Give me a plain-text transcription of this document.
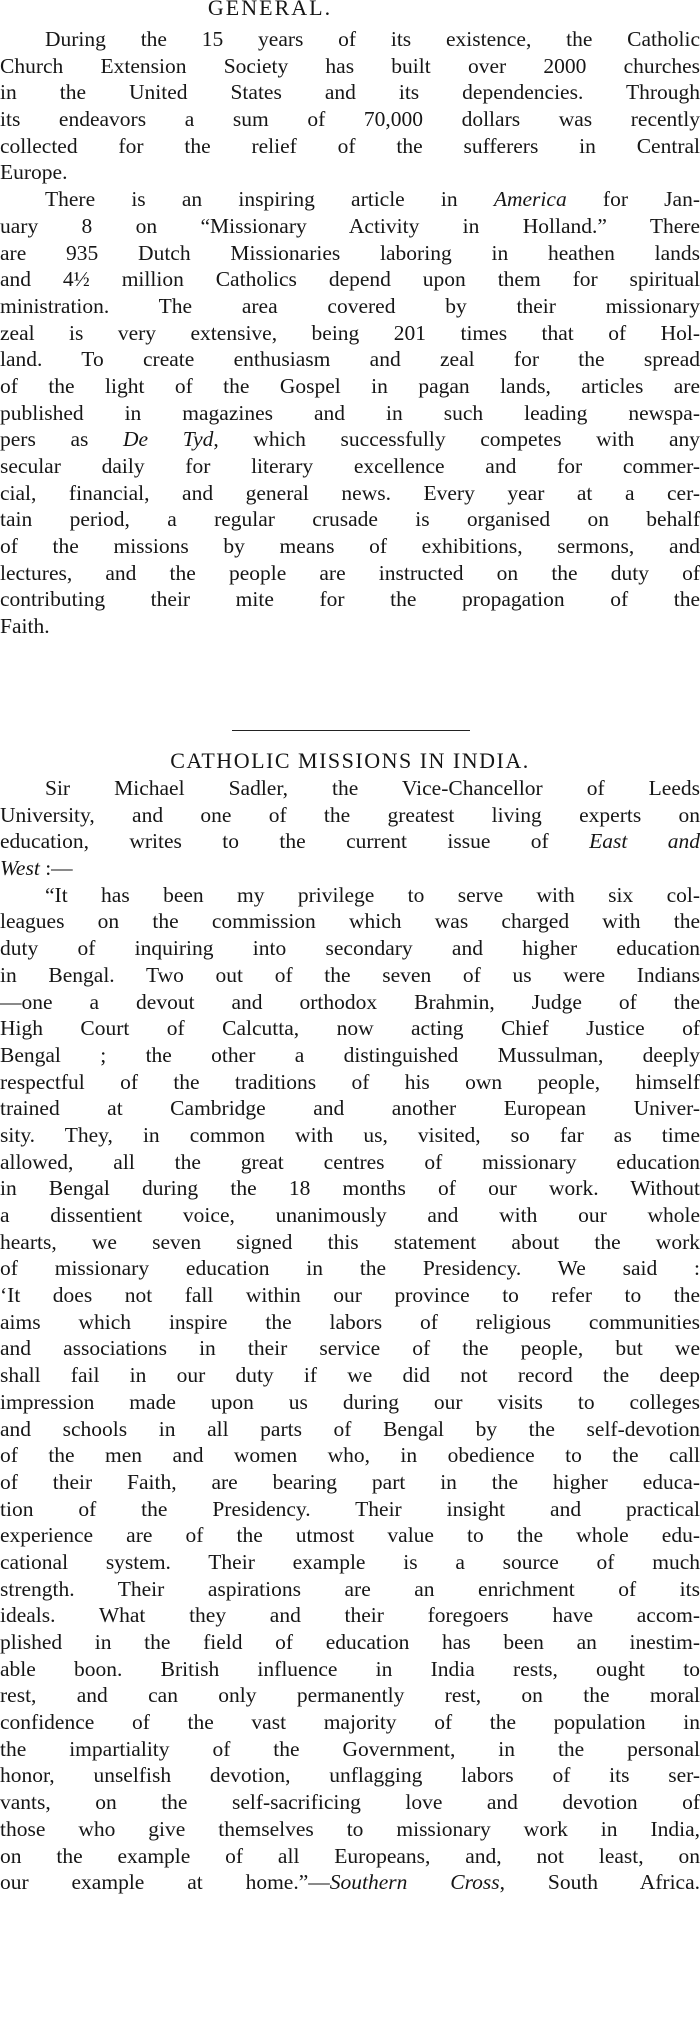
GENERAL.
During the 15 years of its existence, the Catholic
Church Extension Society has built over 2000 churches
in the United States and its dependencies. Through
its endeavors a sum of 70,000 dollars was recently
collected for the relief of the sufferers in Central
Europe.
There is an inspiring article in America for Jan-
uary 8 on “Missionary Activity in Holland.” There
are 935 Dutch Missionaries laboring in heathen lands
and 4½ million Catholics depend upon them for spiritual
ministration. The area covered by their missionary
zeal is very extensive, being 201 times that of Hol-
land. To create enthusiasm and zeal for the spread
of the light of the Gospel in pagan lands, articles are
published in magazines and in such leading newspa-
pers as De Tyd, which successfully competes with any
secular daily for literary excellence and for commer-
cial, financial, and general news. Every year at a cer-
tain period, a regular crusade is organised on behalf
of the missions by means of exhibitions, sermons, and
lectures, and the people are instructed on the duty of
contributing their mite for the propagation of the
Faith.
CATHOLIC MISSIONS IN INDIA.
Sir Michael Sadler, the Vice-Chancellor of Leeds
University, and one of the greatest living experts on
education, writes to the current issue of East and
West :—
“It has been my privilege to serve with six col-
leagues on the commission which was charged with the
duty of inquiring into secondary and higher education
in Bengal. Two out of the seven of us were Indians
—one a devout and orthodox Brahmin, Judge of the
High Court of Calcutta, now acting Chief Justice of
Bengal ; the other a distinguished Mussulman, deeply
respectful of the traditions of his own people, himself
trained at Cambridge and another European Univer-
sity. They, in common with us, visited, so far as time
allowed, all the great centres of missionary education
in Bengal during the 18 months of our work. Without
a dissentient voice, unanimously and with our whole
hearts, we seven signed this statement about the work
of missionary education in the Presidency. We said :
‘It does not fall within our province to refer to the
aims which inspire the labors of religious communities
and associations in their service of the people, but we
shall fail in our duty if we did not record the deep
impression made upon us during our visits to colleges
and schools in all parts of Bengal by the self-devotion
of the men and women who, in obedience to the call
of their Faith, are bearing part in the higher educa-
tion of the Presidency. Their insight and practical
experience are of the utmost value to the whole edu-
cational system. Their example is a source of much
strength. Their aspirations are an enrichment of its
ideals. What they and their foregoers have accom-
plished in the field of education has been an inestim-
able boon. British influence in India rests, ought to
rest, and can only permanently rest, on the moral
confidence of the vast majority of the population in
the impartiality of the Government, in the personal
honor, unselfish devotion, unflagging labors of its ser-
vants, on the self-sacrificing love and devotion of
those who give themselves to missionary work in India,
on the example of all Europeans, and, not least, on
our example at home.”—Southern Cross, South Africa.
